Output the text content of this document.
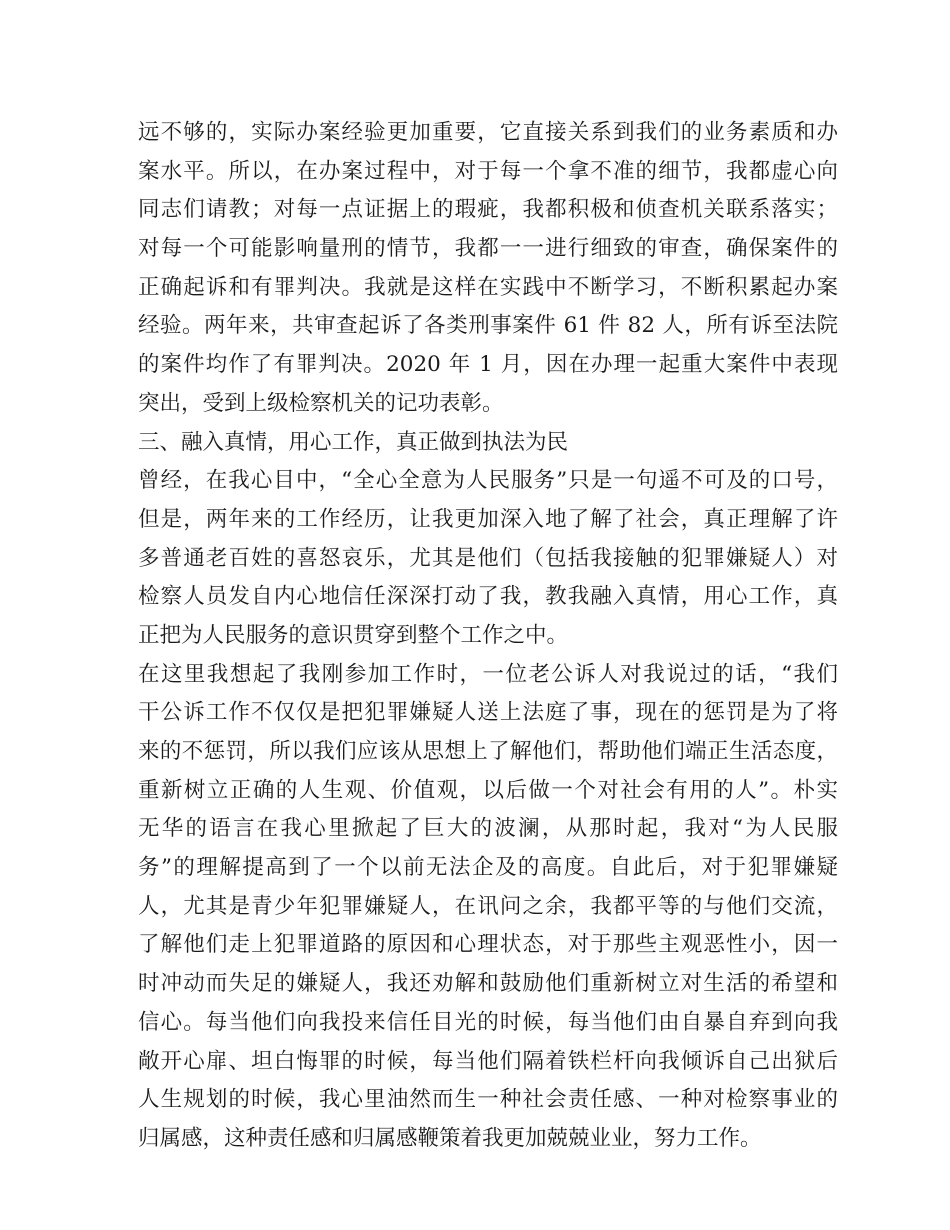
远不够的，实际办案经验更加重要，它直接关系到我们的业务素质和办
案水平。所以，在办案过程中，对于每一个拿不准的细节，我都虚心向
同志们请教；对每一点证据上的瑕疵，我都积极和侦查机关联系落实；
对每一个可能影响量刑的情节，我都一一进行细致的审查，确保案件的
正确起诉和有罪判决。我就是这样在实践中不断学习，不断积累起办案
经验。两年来，共审查起诉了各类刑事案件 61 件 82 人，所有诉至法院
的案件均作了有罪判决。2020 年 1 月，因在办理一起重大案件中表现
突出，受到上级检察机关的记功表彰。
三、融入真情，用心工作，真正做到执法为民
曾经，在我心目中，“全心全意为人民服务”只是一句遥不可及的口号，
但是，两年来的工作经历，让我更加深入地了解了社会，真正理解了许
多普通老百姓的喜怒哀乐，尤其是他们（包括我接触的犯罪嫌疑人）对
检察人员发自内心地信任深深打动了我，教我融入真情，用心工作，真
正把为人民服务的意识贯穿到整个工作之中。
在这里我想起了我刚参加工作时，一位老公诉人对我说过的话，“我们
干公诉工作不仅仅是把犯罪嫌疑人送上法庭了事，现在的惩罚是为了将
来的不惩罚，所以我们应该从思想上了解他们，帮助他们端正生活态度，
重新树立正确的人生观、价值观，以后做一个对社会有用的人”。朴实
无华的语言在我心里掀起了巨大的波澜，从那时起，我对“为人民服
务”的理解提高到了一个以前无法企及的高度。自此后，对于犯罪嫌疑
人，尤其是青少年犯罪嫌疑人，在讯问之余，我都平等的与他们交流，
了解他们走上犯罪道路的原因和心理状态，对于那些主观恶性小，因一
时冲动而失足的嫌疑人，我还劝解和鼓励他们重新树立对生活的希望和
信心。每当他们向我投来信任目光的时候，每当他们由自暴自弃到向我
敞开心扉、坦白悔罪的时候，每当他们隔着铁栏杆向我倾诉自己出狱后
人生规划的时候，我心里油然而生一种社会责任感、一种对检察事业的
归属感，这种责任感和归属感鞭策着我更加兢兢业业，努力工作。
